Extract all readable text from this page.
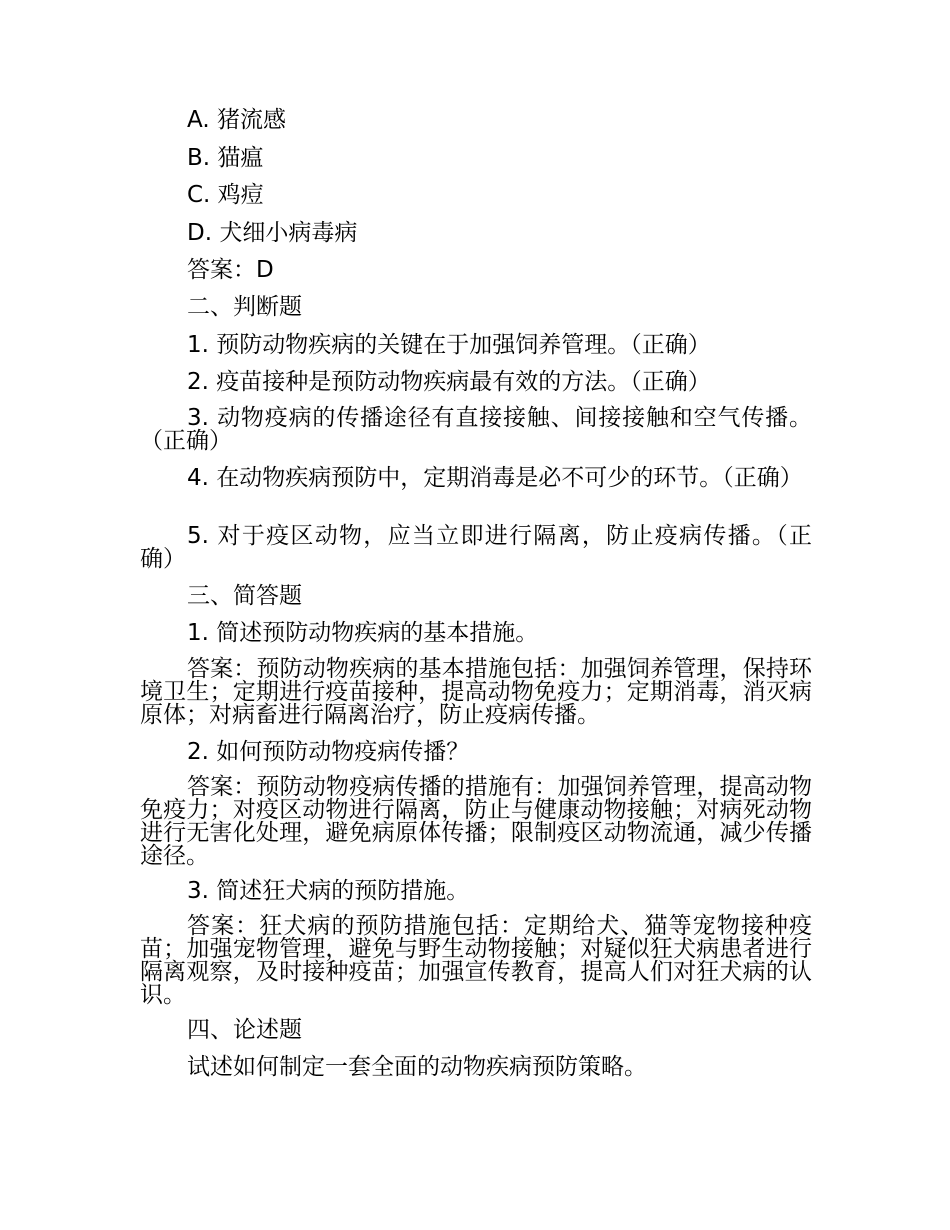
A. 猪流感
B. 猫瘟
C. 鸡痘
D. 犬细小病毒病
答案：D
二、判断题
1. 预防动物疾病的关键在于加强饲养管理。（正确）
2. 疫苗接种是预防动物疾病最有效的方法。（正确）
3. 动物疫病的传播途径有直接接触、间接接触和空气传播。（正确）
4. 在动物疾病预防中，定期消毒是必不可少的环节。（正确）
5. 对于疫区动物，应当立即进行隔离，防止疫病传播。（正确）
三、简答题
1. 简述预防动物疾病的基本措施。
答案：预防动物疾病的基本措施包括：加强饲养管理，保持环境卫生；定期进行疫苗接种，提高动物免疫力；定期消毒，消灭病原体；对病畜进行隔离治疗，防止疫病传播。
2. 如何预防动物疫病传播？
答案：预防动物疫病传播的措施有：加强饲养管理，提高动物免疫力；对疫区动物进行隔离，防止与健康动物接触；对病死动物进行无害化处理，避免病原体传播；限制疫区动物流通，减少传播途径。
3. 简述狂犬病的预防措施。
答案：狂犬病的预防措施包括：定期给犬、猫等宠物接种疫苗；加强宠物管理，避免与野生动物接触；对疑似狂犬病患者进行隔离观察，及时接种疫苗；加强宣传教育，提高人们对狂犬病的认识。
四、论述题
试述如何制定一套全面的动物疾病预防策略。
